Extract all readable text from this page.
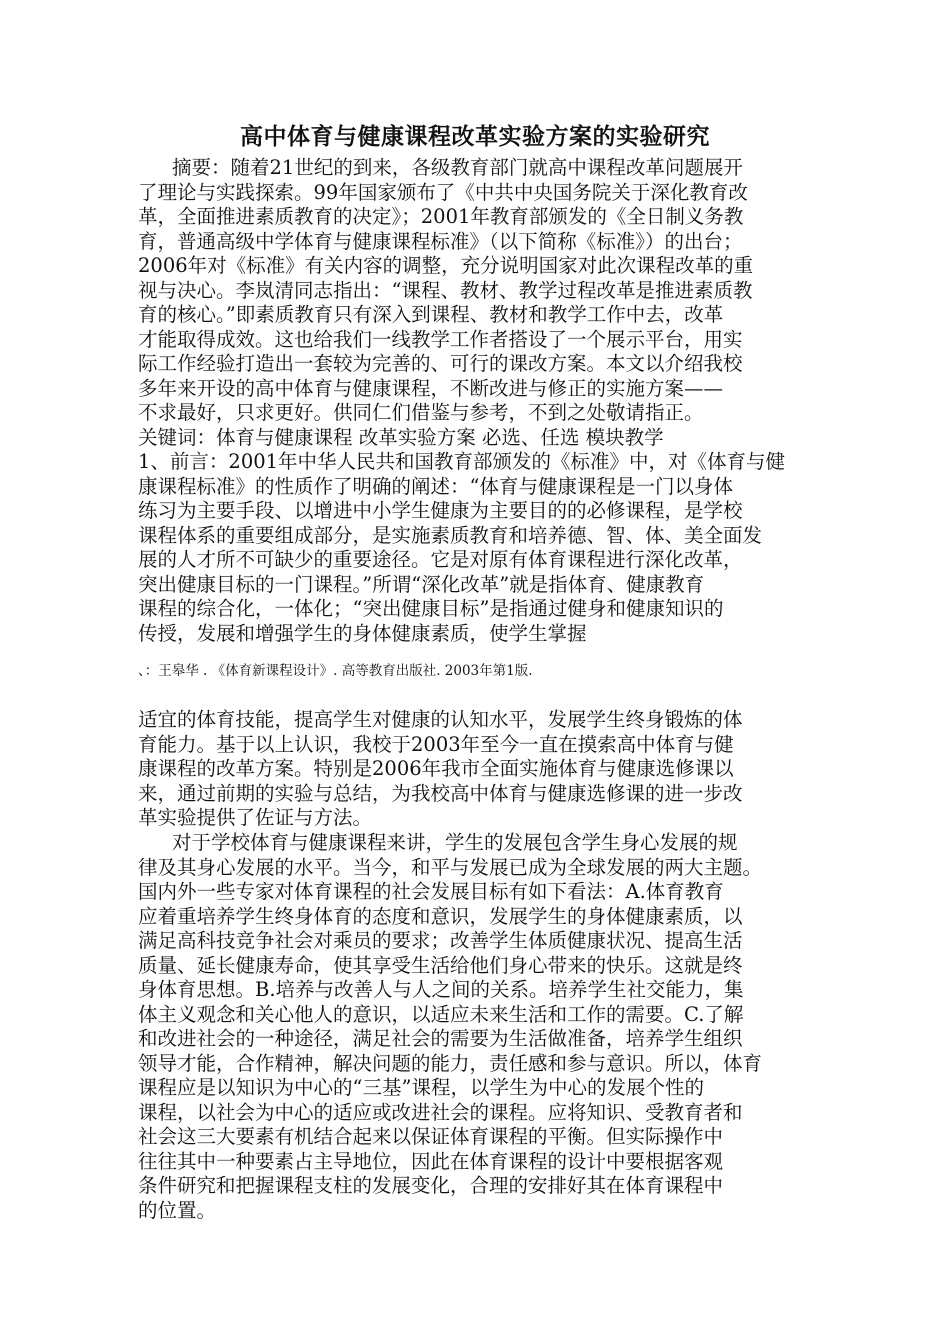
高中体育与健康课程改革实验方案的实验研究
摘要：随着21世纪的到来，各级教育部门就高中课程改革问题展开
了理论与实践探索。99年国家颁布了《中共中央国务院关于深化教育改
革，全面推进素质教育的决定》；2001年教育部颁发的《全日制义务教
育，普通高级中学体育与健康课程标准》（以下简称《标准》）的出台；
2006年对《标准》有关内容的调整，充分说明国家对此次课程改革的重
视与决心。李岚清同志指出：“课程、教材、教学过程改革是推进素质教
育的核心。”即素质教育只有深入到课程、教材和教学工作中去，改革
才能取得成效。这也给我们一线教学工作者搭设了一个展示平台，用实
际工作经验打造出一套较为完善的、可行的课改方案。本文以介绍我校
多年来开设的高中体育与健康课程，不断改进与修正的实施方案——
不求最好，只求更好。供同仁们借鉴与参考，不到之处敬请指正。
关键词：体育与健康课程 改革实验方案 必选、任选 模块教学
1、前言：2001年中华人民共和国教育部颁发的《标准》中，对《体育与健
康课程标准》的性质作了明确的阐述：“体育与健康课程是一门以身体
练习为主要手段、以增进中小学生健康为主要目的的必修课程，是学校
课程体系的重要组成部分，是实施素质教育和培养德、智、体、美全面发
展的人才所不可缺少的重要途径。它是对原有体育课程进行深化改革，
突出健康目标的一门课程。”所谓“深化改革”就是指体育、健康教育
课程的综合化，一体化；“突出健康目标”是指通过健身和健康知识的
传授，发展和增强学生的身体健康素质，使学生掌握
、：王皋华 . 《体育新课程设计》. 高等教育出版社. 2003年第1版.
适宜的体育技能，提高学生对健康的认知水平，发展学生终身锻炼的体
育能力。基于以上认识，我校于2003年至今一直在摸索高中体育与健
康课程的改革方案。特别是2006年我市全面实施体育与健康选修课以
来，通过前期的实验与总结，为我校高中体育与健康选修课的进一步改
革实验提供了佐证与方法。
对于学校体育与健康课程来讲，学生的发展包含学生身心发展的规
律及其身心发展的水平。当今，和平与发展已成为全球发展的两大主题。
国内外一些专家对体育课程的社会发展目标有如下看法：A.体育教育
应着重培养学生终身体育的态度和意识，发展学生的身体健康素质，以
满足高科技竞争社会对乘员的要求；改善学生体质健康状况、提高生活
质量、延长健康寿命，使其享受生活给他们身心带来的快乐。这就是终
身体育思想。B.培养与改善人与人之间的关系。培养学生社交能力，集
体主义观念和关心他人的意识，以适应未来生活和工作的需要。C.了解
和改进社会的一种途径，满足社会的需要为生活做准备，培养学生组织
领导才能，合作精神，解决问题的能力，责任感和参与意识。所以，体育
课程应是以知识为中心的“三基”课程，以学生为中心的发展个性的
课程，以社会为中心的适应或改进社会的课程。应将知识、受教育者和
社会这三大要素有机结合起来以保证体育课程的平衡。但实际操作中
往往其中一种要素占主导地位，因此在体育课程的设计中要根据客观
条件研究和把握课程支柱的发展变化，合理的安排好其在体育课程中
的位置。
